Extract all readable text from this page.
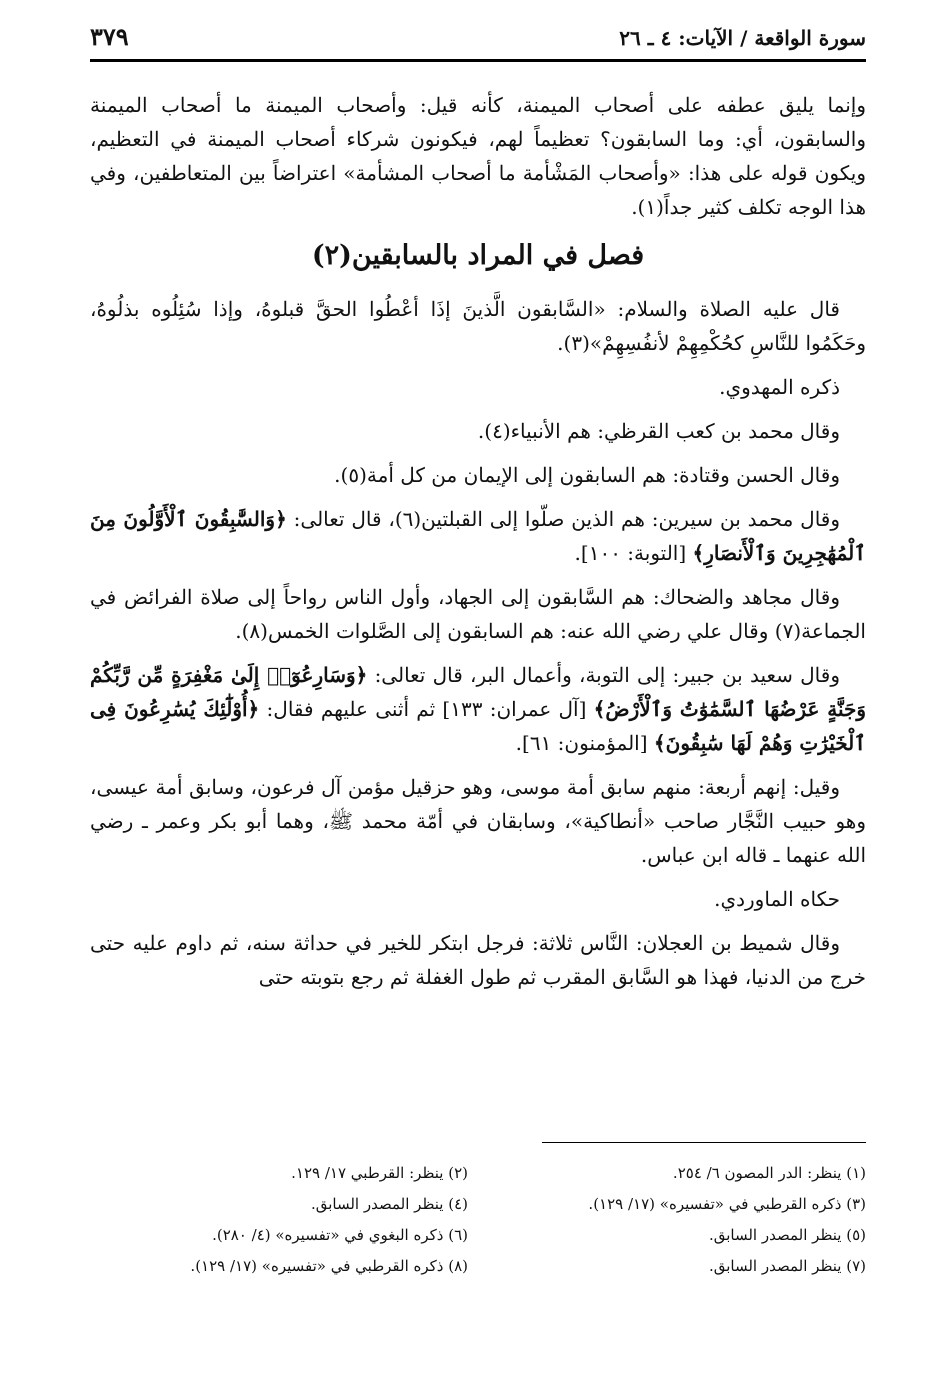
سورة الواقعة / الآيات: ٤ ـ ٢٦
٣٧٩

وإنما يليق عطفه على أصحاب الميمنة، كأنه قيل: وأصحاب الميمنة ما أصحاب الميمنة والسابقون، أي: وما السابقون؟ تعظيماً لهم، فيكونون شركاء أصحاب الميمنة في التعظيم، ويكون قوله على هذا: «وأصحاب المَشْأمة ما أصحاب المشأمة» اعتراضاً بين المتعاطفين، وفي هذا الوجه تكلف كثير جداً(١).

فصل في المراد بالسابقين(٢)

قال عليه الصلاة والسلام: «السَّابقون الَّذينَ إذَا أعْطُوا الحقَّ قبلوهُ، وإذا سُئِلُوه بذلُوهُ، وحَكَمُوا للنَّاسِ كحُكْمِهِمْ لأنفُسِهِمْ»(٣).

ذكره المهدوي.

وقال محمد بن كعب القرظي: هم الأنبياء(٤).

وقال الحسن وقتادة: هم السابقون إلى الإيمان من كل أمة(٥).

وقال محمد بن سيرين: هم الذين صلّوا إلى القبلتين(٦)، قال تعالى: ﴿وَالسَّٰبِقُونَ ٱلْأَوَّلُونَ مِنَ ٱلْمُهَٰجِرِينَ وَٱلْأَنصَارِ﴾ [التوبة: ١٠٠].

وقال مجاهد والضحاك: هم السَّابقون إلى الجهاد، وأول الناس رواحاً إلى صلاة الفرائض في الجماعة(٧) وقال علي رضي الله عنه: هم السابقون إلى الصَّلوات الخمس(٨).

وقال سعيد بن جبير: إلى التوبة، وأعمال البر، قال تعالى: ﴿وَسَارِعُوٓا۟ إِلَىٰ مَغْفِرَةٍ مِّن رَّبِّكُمْ وَجَنَّةٍ عَرْضُهَا ٱلسَّمَٰوَٰتُ وَٱلْأَرْضُ﴾ [آل عمران: ١٣٣] ثم أثنى عليهم فقال: ﴿أُوْلَٰٓئِكَ يُسَٰرِعُونَ فِى ٱلْخَيْرَٰتِ وَهُمْ لَهَا سَٰبِقُونَ﴾ [المؤمنون: ٦١].

وقيل: إنهم أربعة: منهم سابق أمة موسى، وهو حزقيل مؤمن آل فرعون، وسابق أمة عيسى، وهو حبيب النَّجَّار صاحب «أنطاكية»، وسابقان في أمّة محمد ﷺ، وهما أبو بكر وعمر ـ رضي الله عنهما ـ قاله ابن عباس.

حكاه الماوردي.

وقال شميط بن العجلان: النَّاس ثلاثة: فرجل ابتكر للخير في حداثة سنه، ثم داوم عليه حتى خرج من الدنيا، فهذا هو السَّابق المقرب ثم طول الغفلة ثم رجع بتوبته حتى

(١) ينظر: الدر المصون ٦/ ٢٥٤.
(٢) ينظر: القرطبي ١٧/ ١٢٩.
(٣) ذكره القرطبي في «تفسيره» (١٧/ ١٢٩).
(٤) ينظر المصدر السابق.
(٥) ينظر المصدر السابق.
(٦) ذكره البغوي في «تفسيره» (٤/ ٢٨٠).
(٧) ينظر المصدر السابق.
(٨) ذكره القرطبي في «تفسيره» (١٧/ ١٢٩).
